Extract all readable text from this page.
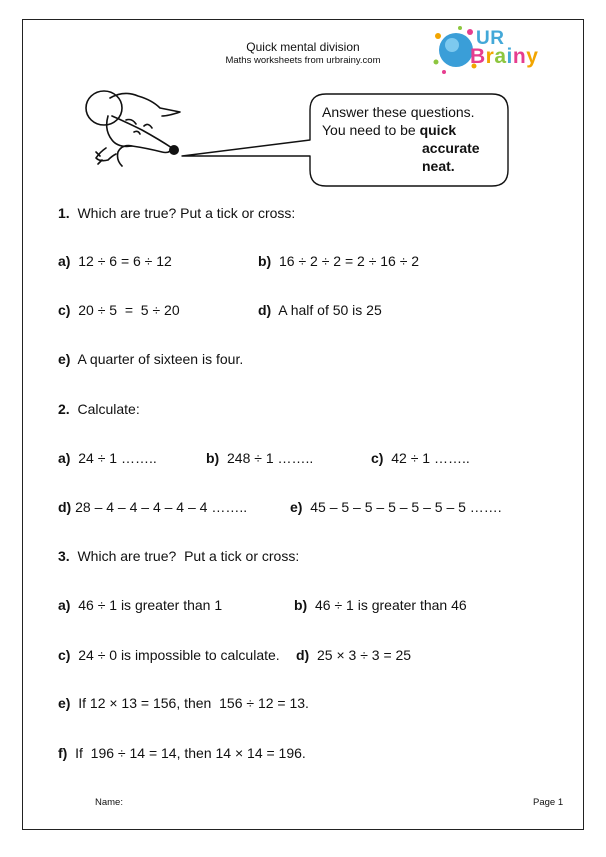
Quick mental division
Maths worksheets from urbrainy.com
UR
Brainy
Answer these questions.
You need to be quick
accurate
neat.
1. Which are true? Put a tick or cross:
a) 12 ÷ 6 = 6 ÷ 12	b) 16 ÷ 2 ÷ 2 = 2 ÷ 16 ÷ 2
c) 20 ÷ 5  =  5 ÷ 20	d) A half of 50 is 25
e) A quarter of sixteen is four.
2. Calculate:
a) 24 ÷ 1 ……..	b) 248 ÷ 1 ……..	c) 42 ÷ 1 ……..
d) 28 – 4 – 4 – 4 – 4 – 4 ……..	e) 45 – 5 – 5 – 5 – 5 – 5 – 5 …….
3. Which are true?  Put a tick or cross:
a) 46 ÷ 1 is greater than 1	b) 46 ÷ 1 is greater than 46
c) 24 ÷ 0 is impossible to calculate. d) 25 × 3 ÷ 3 = 25
e) If 12 × 13 = 156, then  156 ÷ 12 = 13.
f) If  196 ÷ 14 = 14, then 14 × 14 = 196.
Name:	Page 1
